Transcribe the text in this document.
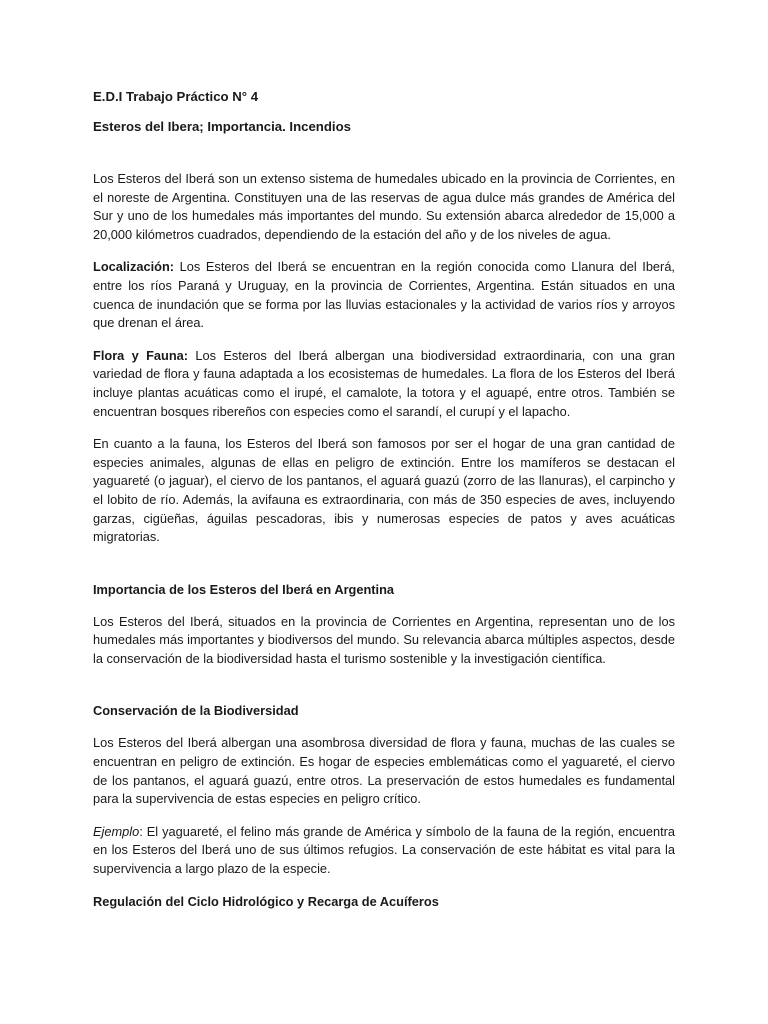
E.D.I Trabajo Práctico N° 4
Esteros del Ibera; Importancia. Incendios

Los Esteros del Iberá son un extenso sistema de humedales ubicado en la provincia de Corrientes, en el noreste de Argentina. Constituyen una de las reservas de agua dulce más grandes de América del Sur y uno de los humedales más importantes del mundo. Su extensión abarca alrededor de 15,000 a 20,000 kilómetros cuadrados, dependiendo de la estación del año y de los niveles de agua.

Localización: Los Esteros del Iberá se encuentran en la región conocida como Llanura del Iberá, entre los ríos Paraná y Uruguay, en la provincia de Corrientes, Argentina. Están situados en una cuenca de inundación que se forma por las lluvias estacionales y la actividad de varios ríos y arroyos que drenan el área.

Flora y Fauna: Los Esteros del Iberá albergan una biodiversidad extraordinaria, con una gran variedad de flora y fauna adaptada a los ecosistemas de humedales. La flora de los Esteros del Iberá incluye plantas acuáticas como el irupé, el camalote, la totora y el aguapé, entre otros. También se encuentran bosques ribereños con especies como el sarandí, el curupí y el lapacho.

En cuanto a la fauna, los Esteros del Iberá son famosos por ser el hogar de una gran cantidad de especies animales, algunas de ellas en peligro de extinción. Entre los mamíferos se destacan el yaguareté (o jaguar), el ciervo de los pantanos, el aguará guazú (zorro de las llanuras), el carpincho y el lobito de río. Además, la avifauna es extraordinaria, con más de 350 especies de aves, incluyendo garzas, cigüeñas, águilas pescadoras, ibis y numerosas especies de patos y aves acuáticas migratorias.

Importancia de los Esteros del Iberá en Argentina

Los Esteros del Iberá, situados en la provincia de Corrientes en Argentina, representan uno de los humedales más importantes y biodiversos del mundo. Su relevancia abarca múltiples aspectos, desde la conservación de la biodiversidad hasta el turismo sostenible y la investigación científica.

Conservación de la Biodiversidad

Los Esteros del Iberá albergan una asombrosa diversidad de flora y fauna, muchas de las cuales se encuentran en peligro de extinción. Es hogar de especies emblemáticas como el yaguareté, el ciervo de los pantanos, el aguará guazú, entre otros. La preservación de estos humedales es fundamental para la supervivencia de estas especies en peligro crítico.

Ejemplo: El yaguareté, el felino más grande de América y símbolo de la fauna de la región, encuentra en los Esteros del Iberá uno de sus últimos refugios. La conservación de este hábitat es vital para la supervivencia a largo plazo de la especie.

Regulación del Ciclo Hidrológico y Recarga de Acuíferos
